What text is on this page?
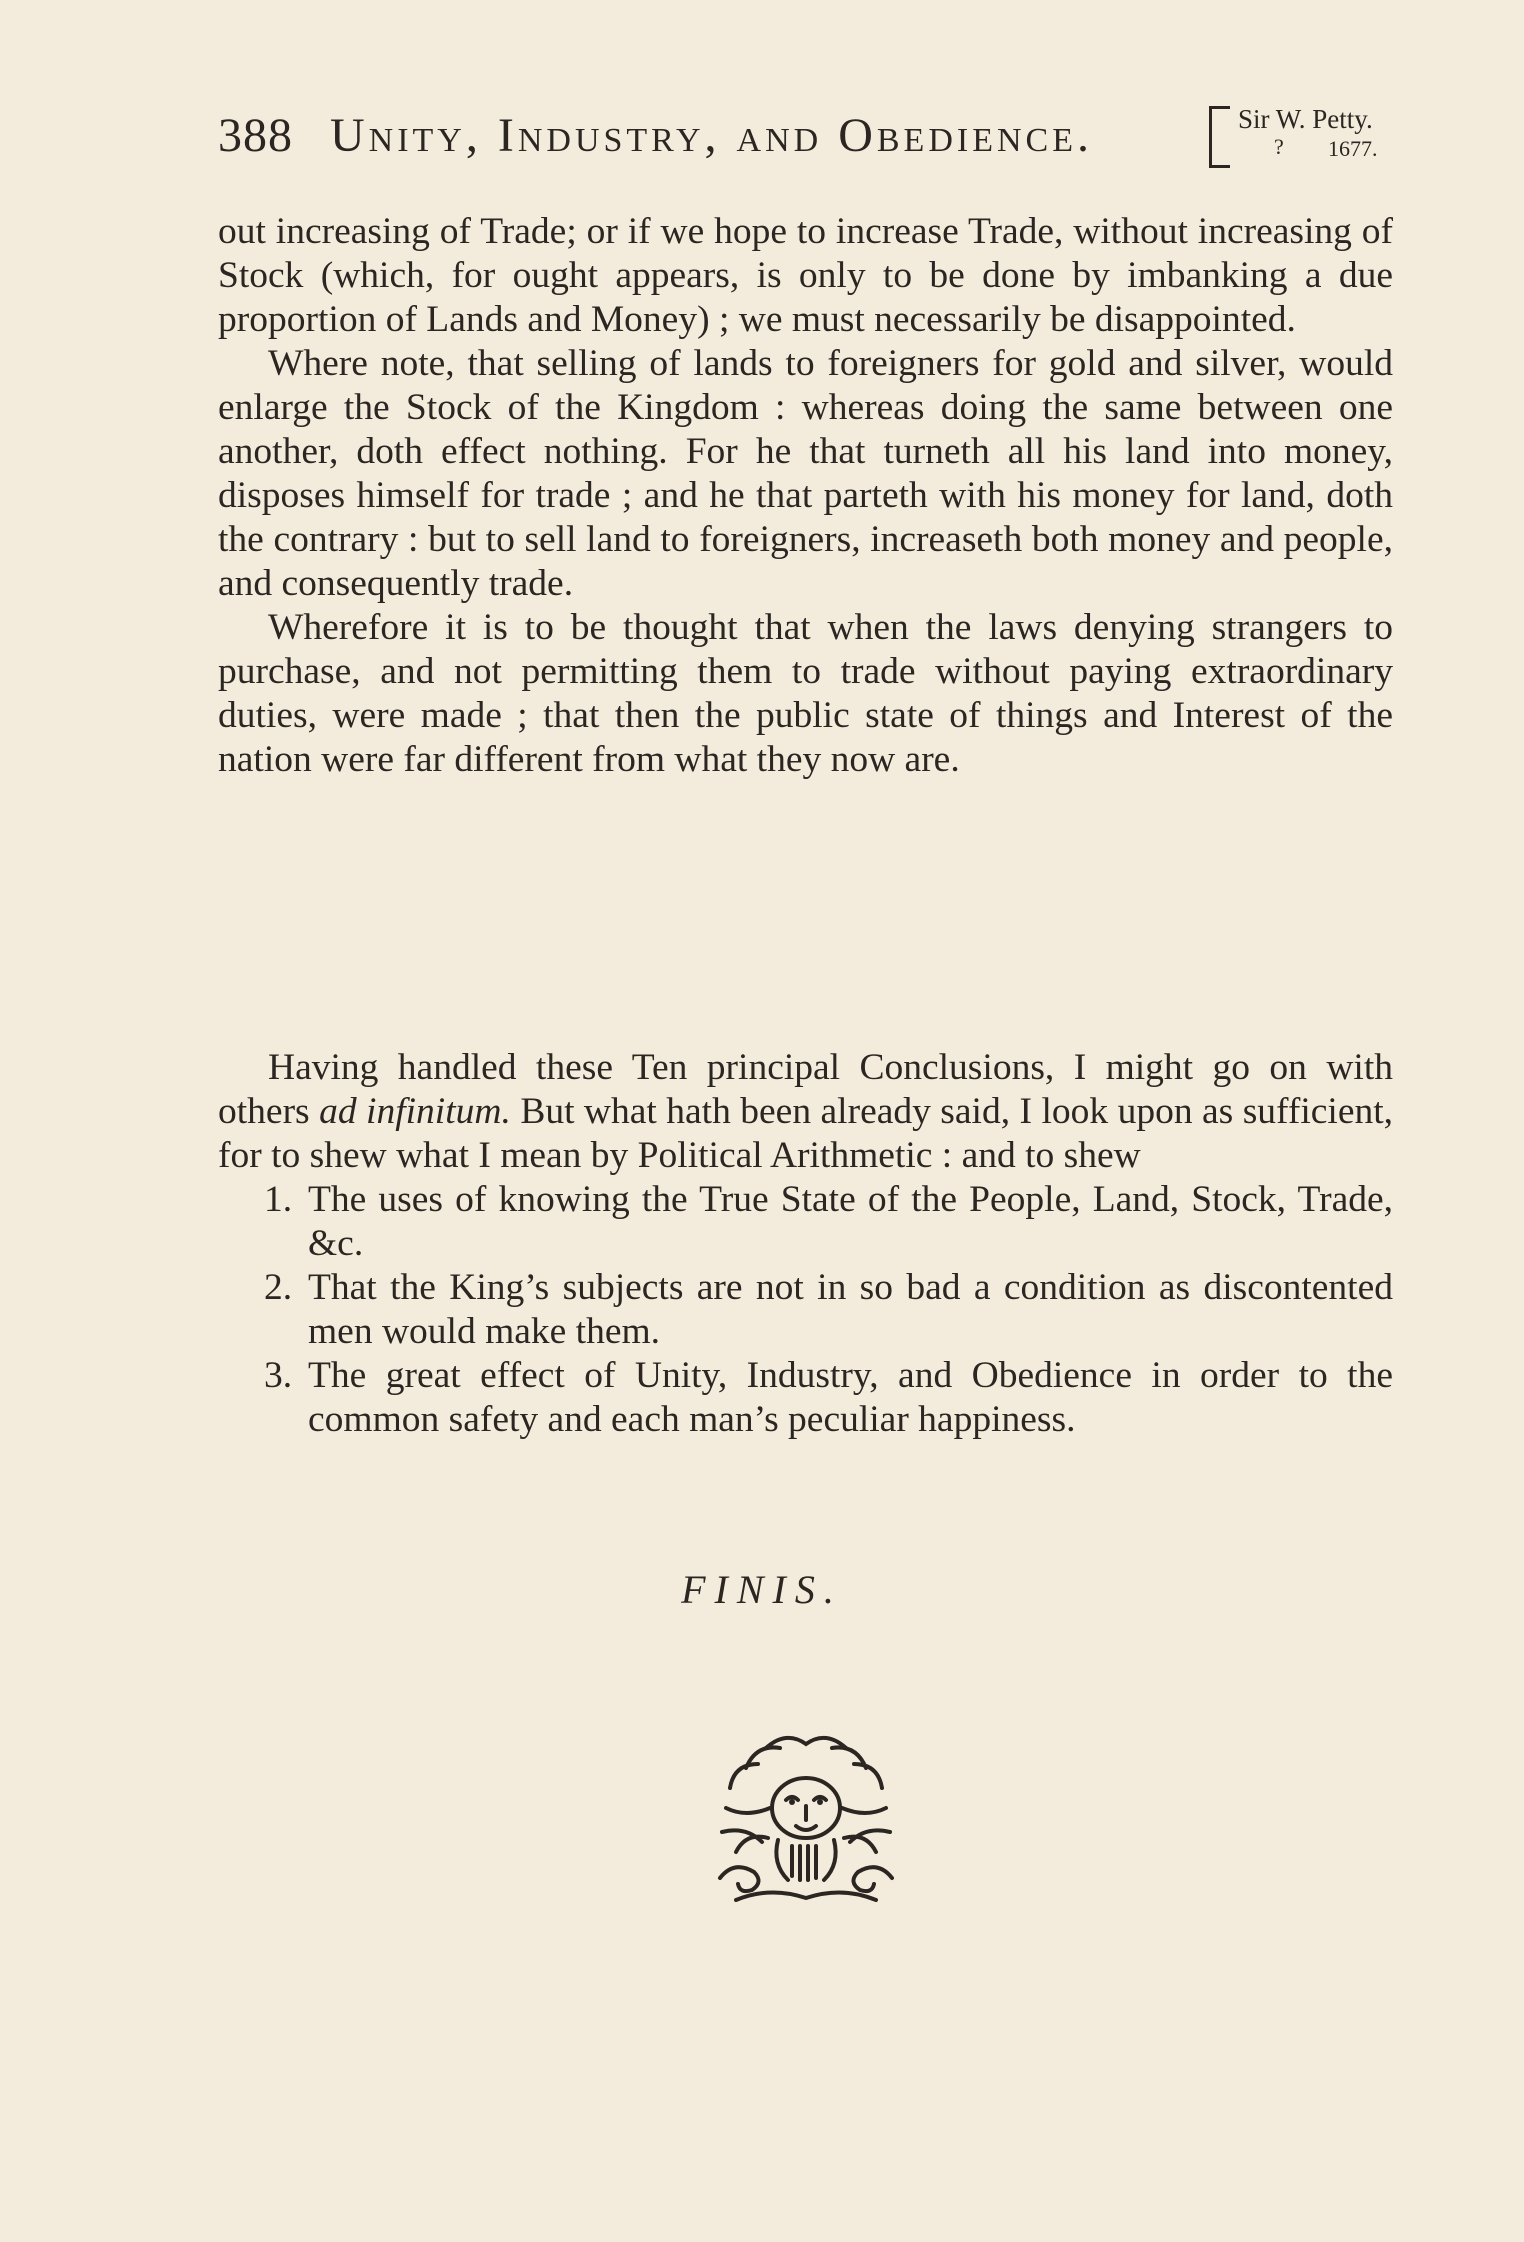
388 Unity, Industry, and Obedience.	Sir W. Petty.
? 1677.

out increasing of Trade; or if we hope to increase Trade, without increasing of Stock (which, for ought appears, is only to be done by imbanking a due proportion of Lands and Money) ; we must necessarily be disappointed.

Where note, that selling of lands to foreigners for gold and silver, would enlarge the Stock of the Kingdom : whereas doing the same between one another, doth effect nothing. For he that turneth all his land into money, disposes himself for trade ; and he that parteth with his money for land, doth the contrary : but to sell land to foreigners, increaseth both money and people, and consequently trade.

Wherefore it is to be thought that when the laws denying strangers to purchase, and not permitting them to trade without paying extraordinary duties, were made ; that then the public state of things and Interest of the nation were far different from what they now are.

Having handled these Ten principal Conclusions, I might go on with others ad infinitum. But what hath been already said, I look upon as sufficient, for to shew what I mean by Political Arithmetic : and to shew

1. The uses of knowing the True State of the People, Land, Stock, Trade, &c.
2. That the King’s subjects are not in so bad a condition as discontented men would make them.
3. The great effect of Unity, Industry, and Obedience in order to the common safety and each man’s peculiar happiness.
FINIS.
